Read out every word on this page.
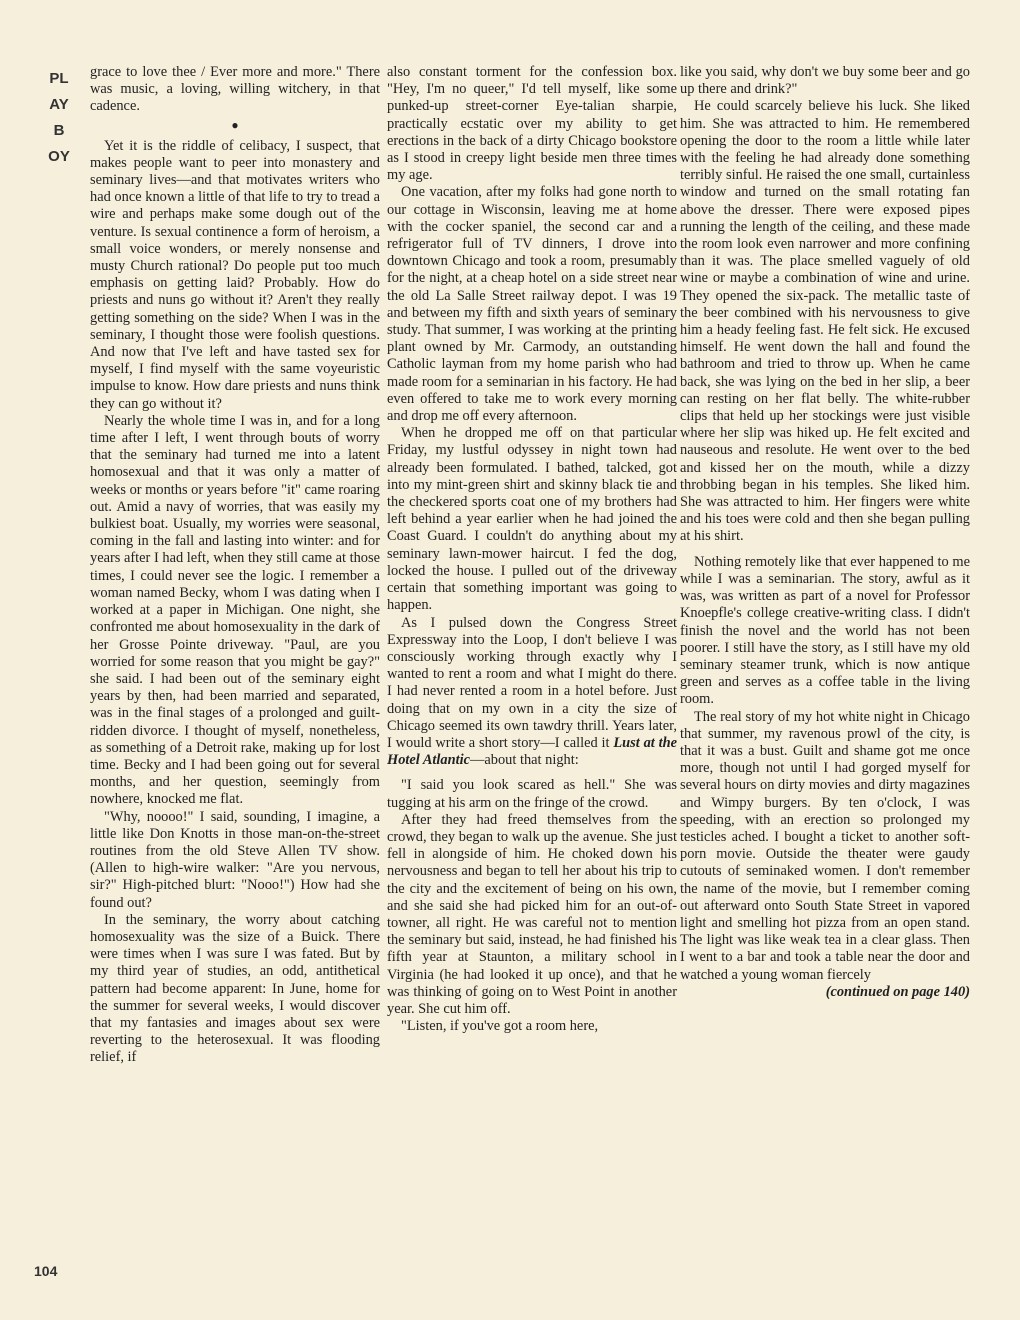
PLAYBOY

grace to love thee / Ever more and more." There was music, a loving, willing witchery, in that cadence.

●

Yet it is the riddle of celibacy, I suspect, that makes people want to peer into monastery and seminary lives—and that motivates writers who had once known a little of that life to try to tread a wire and perhaps make some dough out of the venture. Is sexual continence a form of heroism, a small voice wonders, or merely nonsense and musty Church rational? Do people put too much emphasis on getting laid? Probably. How do priests and nuns go without it? Aren't they really getting something on the side? When I was in the seminary, I thought those were foolish questions. And now that I've left and have tasted sex for myself, I find myself with the same voyeuristic impulse to know. How dare priests and nuns think they can go without it?

Nearly the whole time I was in, and for a long time after I left, I went through bouts of worry that the seminary had turned me into a latent homosexual and that it was only a matter of weeks or months or years before "it" came roaring out. Amid a navy of worries, that was easily my bulkiest boat. Usually, my worries were seasonal, coming in the fall and lasting into winter: and for years after I had left, when they still came at those times, I could never see the logic. I remember a woman named Becky, whom I was dating when I worked at a paper in Michigan. One night, she confronted me about homosexuality in the dark of her Grosse Pointe driveway. "Paul, are you worried for some reason that you might be gay?" she said. I had been out of the seminary eight years by then, had been married and separated, was in the final stages of a prolonged and guilt-ridden divorce. I thought of myself, nonetheless, as something of a Detroit rake, making up for lost time. Becky and I had been going out for several months, and her question, seemingly from nowhere, knocked me flat.

"Why, noooo!" I said, sounding, I imagine, a little like Don Knotts in those man-on-the-street routines from the old Steve Allen TV show. (Allen to high-wire walker: "Are you nervous, sir?" High-pitched blurt: "Nooo!") How had she found out?

In the seminary, the worry about catching homosexuality was the size of a Buick. There were times when I was sure I was fated. But by my third year of studies, an odd, antithetical pattern had become apparent: In June, home for the summer for several weeks, I would discover that my fantasies and images about sex were reverting to the heterosexual. It was flooding relief, if

also constant torment for the confession box. "Hey, I'm no queer," I'd tell myself, like some punked-up street-corner Eye-talian sharpie, practically ecstatic over my ability to get erections in the back of a dirty Chicago bookstore as I stood in creepy light beside men three times my age.

One vacation, after my folks had gone north to our cottage in Wisconsin, leaving me at home with the cocker spaniel, the second car and a refrigerator full of TV dinners, I drove into downtown Chicago and took a room, presumably for the night, at a cheap hotel on a side street near the old La Salle Street railway depot. I was 19 and between my fifth and sixth years of seminary study. That summer, I was working at the printing plant owned by Mr. Carmody, an outstanding Catholic layman from my home parish who had made room for a seminarian in his factory. He had even offered to take me to work every morning and drop me off every afternoon.

When he dropped me off on that particular Friday, my lustful odyssey in night town had already been formulated. I bathed, talcked, got into my mint-green shirt and skinny black tie and the checkered sports coat one of my brothers had left behind a year earlier when he had joined the Coast Guard. I couldn't do anything about my seminary lawn-mower haircut. I fed the dog, locked the house. I pulled out of the driveway certain that something important was going to happen.

As I pulsed down the Congress Street Expressway into the Loop, I don't believe I was consciously working through exactly why I wanted to rent a room and what I might do there. I had never rented a room in a hotel before. Just doing that on my own in a city the size of Chicago seemed its own tawdry thrill. Years later, I would write a short story—I called it Lust at the Hotel Atlantic—about that night:

"I said you look scared as hell." She was tugging at his arm on the fringe of the crowd.

After they had freed themselves from the crowd, they began to walk up the avenue. She just fell in alongside of him. He choked down his nervousness and began to tell her about his trip to the city and the excitement of being on his own, and she said she had picked him for an out-of-towner, all right. He was careful not to mention the seminary but said, instead, he had finished his fifth year at Staunton, a military school in Virginia (he had looked it up once), and that he was thinking of going on to West Point in another year. She cut him off.

"Listen, if you've got a room here,

like you said, why don't we buy some beer and go up there and drink?"

He could scarcely believe his luck. She liked him. She was attracted to him. He remembered opening the door to the room a little while later with the feeling he had already done something terribly sinful. He raised the one small, curtainless window and turned on the small rotating fan above the dresser. There were exposed pipes running the length of the ceiling, and these made the room look even narrower and more confining than it was. The place smelled vaguely of old wine or maybe a combination of wine and urine. They opened the six-pack. The metallic taste of the beer combined with his nervousness to give him a heady feeling fast. He felt sick. He excused himself. He went down the hall and found the bathroom and tried to throw up. When he came back, she was lying on the bed in her slip, a beer can resting on her flat belly. The white-rubber clips that held up her stockings were just visible where her slip was hiked up. He felt excited and nauseous and resolute. He went over to the bed and kissed her on the mouth, while a dizzy throbbing began in his temples. She liked him. She was attracted to him. Her fingers were white and his toes were cold and then she began pulling at his shirt.

Nothing remotely like that ever happened to me while I was a seminarian. The story, awful as it was, was written as part of a novel for Professor Knoepfle's college creative-writing class. I didn't finish the novel and the world has not been poorer. I still have the story, as I still have my old seminary steamer trunk, which is now antique green and serves as a coffee table in the living room.

The real story of my hot white night in Chicago that summer, my ravenous prowl of the city, is that it was a bust. Guilt and shame got me once more, though not until I had gorged myself for several hours on dirty movies and dirty magazines and Wimpy burgers. By ten o'clock, I was speeding, with an erection so prolonged my testicles ached. I bought a ticket to another soft-porn movie. Outside the theater were gaudy cutouts of seminaked women. I don't remember the name of the movie, but I remember coming out afterward onto South State Street in vapored light and smelling hot pizza from an open stand. The light was like weak tea in a clear glass. Then I went to a bar and took a table near the door and watched a young woman fiercely

(continued on page 140)

104
